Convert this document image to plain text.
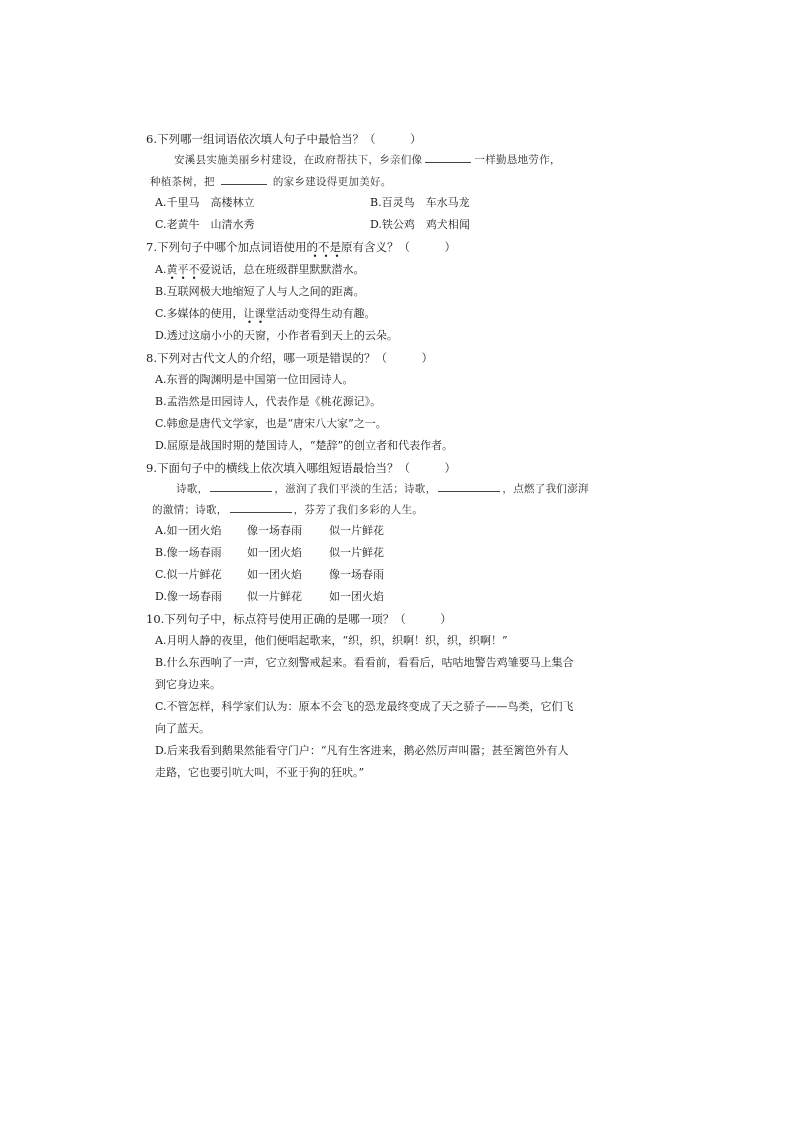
6.下列哪一组词语依次填人句子中最恰当？（　　　）
安溪县实施美丽乡村建设，在政府帮扶下，乡亲们像	一样勤恳地劳作，
种植茶树，把	的家乡建设得更加美好。
A.千里马　高楼林立	B.百灵鸟　车水马龙
C.老黄牛　山清水秀	D.铁公鸡　鸡犬相闻
7.下列句子中哪个加点词语使用的不是原有含义？（　　　）
A.黄平不爱说话，总在班级群里默默潜水。
B.互联网极大地缩短了人与人之间的距离。
C.多媒体的使用，让课堂活动变得生动有趣。
D.透过这扇小小的天窗，小作者看到天上的云朵。
8.下列对古代文人的介绍，哪一项是错误的？（　　　）
A.东晋的陶渊明是中国第一位田园诗人。
B.孟浩然是田园诗人，代表作是《桃花源记》。
C.韩愈是唐代文学家，也是“唐宋八大家”之一。
D.屈原是战国时期的楚国诗人，“楚辞”的创立者和代表作者。
9.下面句子中的横线上依次填入哪组短语最恰当？（　　　）
诗歌，	，滋润了我们平淡的生活；诗歌，	，点燃了我们澎湃
的激情；诗歌，	，芬芳了我们多彩的人生。
A.如一团火焰 像一场春雨 似一片鲜花
B.像一场春雨 如一团火焰 似一片鲜花
C.似一片鲜花 如一团火焰 像一场春雨
D.像一场春雨 似一片鲜花 如一团火焰
10.下列句子中，标点符号使用正确的是哪一项？（　　　）
A.月明人静的夜里，他们便唱起歌来，“织，织，织啊！织，织，织啊！”
B.什么东西响了一声，它立刻警戒起来。看看前，看看后，咕咕地警告鸡雏要马上集合
到它身边来。
C.不管怎样，科学家们认为：原本不会飞的恐龙最终变成了天之骄子——鸟类，它们飞
向了蓝天。
D.后来我看到鹅果然能看守门户：“凡有生客进来，鹅必然厉声叫嚣；甚至篱笆外有人
走路，它也要引吭大叫，不亚于狗的狂吠。”
